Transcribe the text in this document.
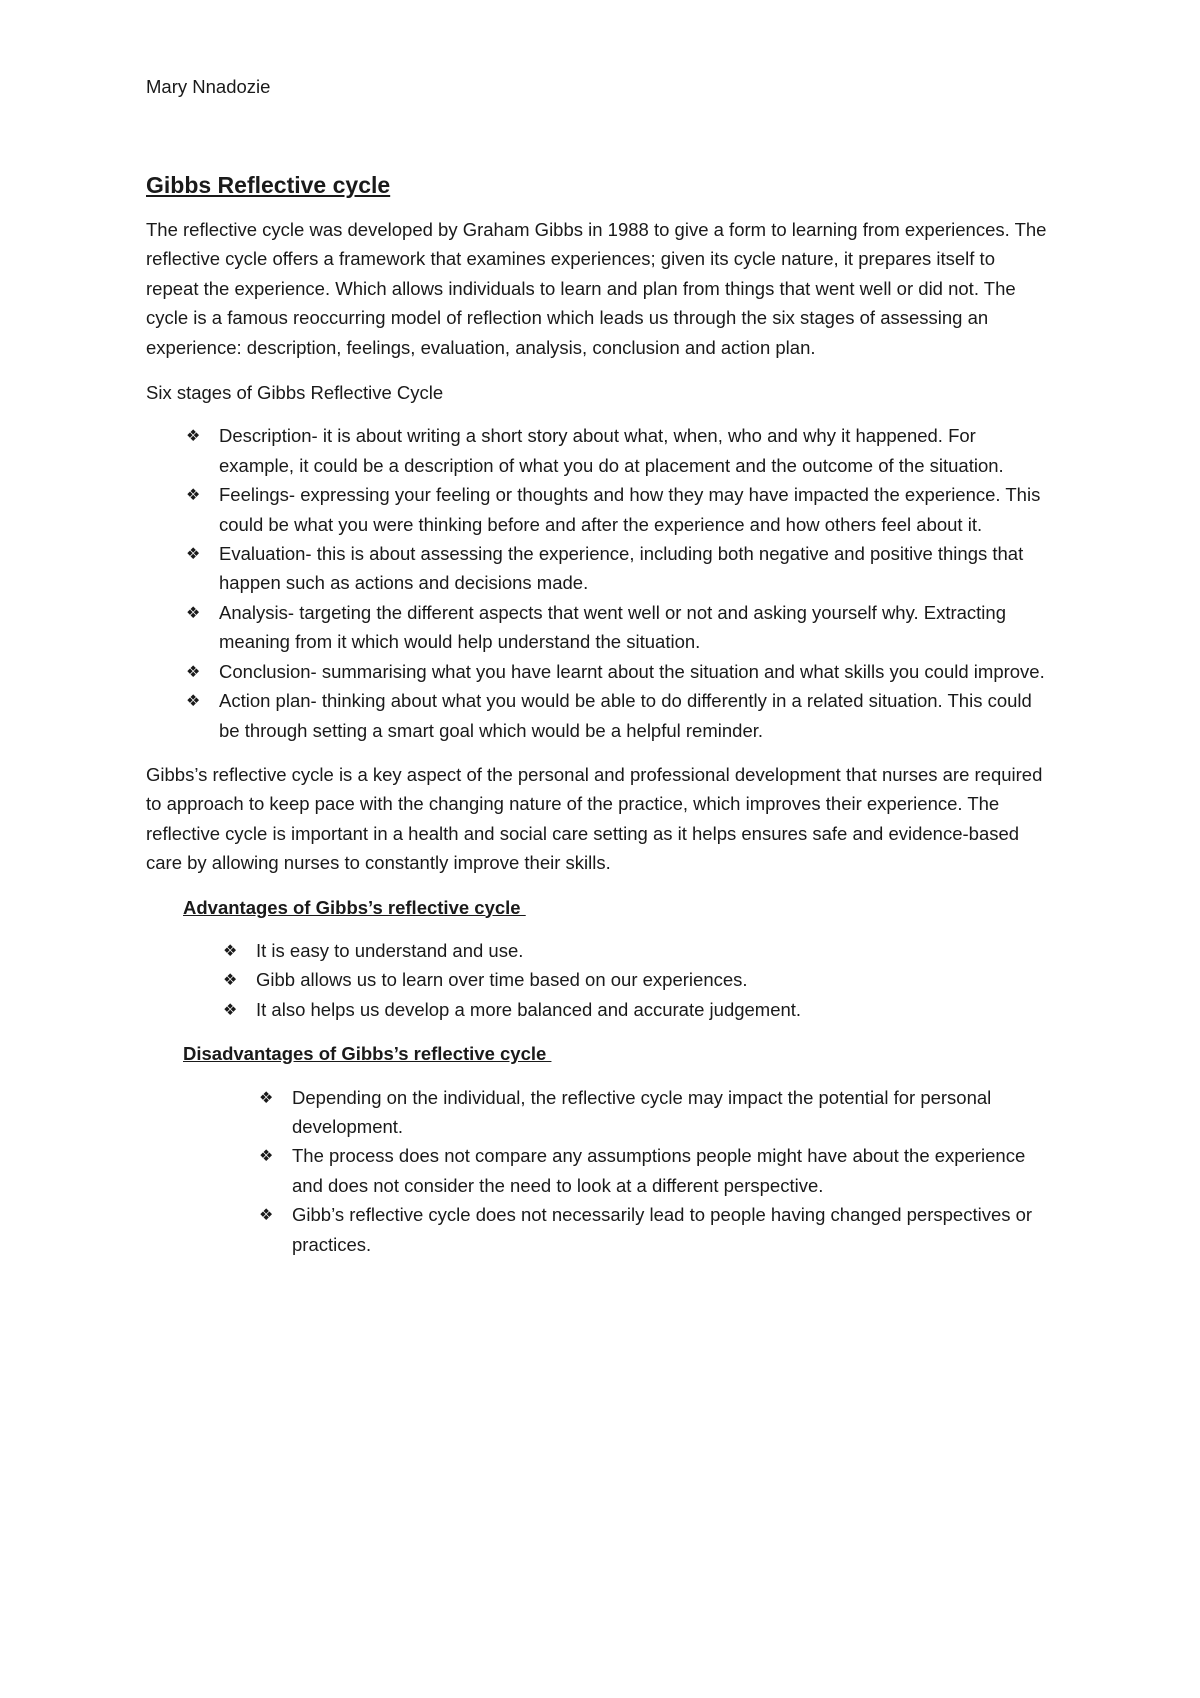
Mary Nnadozie

Gibbs Reflective cycle

The reflective cycle was developed by Graham Gibbs in 1988 to give a form to learning from experiences. The reflective cycle offers a framework that examines experiences; given its cycle nature, it prepares itself to repeat the experience. Which allows individuals to learn and plan from things that went well or did not. The cycle is a famous reoccurring model of reflection which leads us through the six stages of assessing an experience: description, feelings, evaluation, analysis, conclusion and action plan.

Six stages of Gibbs Reflective Cycle

❖ Description- it is about writing a short story about what, when, who and why it happened. For example, it could be a description of what you do at placement and the outcome of the situation.
❖ Feelings- expressing your feeling or thoughts and how they may have impacted the experience. This could be what you were thinking before and after the experience and how others feel about it.
❖ Evaluation- this is about assessing the experience, including both negative and positive things that happen such as actions and decisions made.
❖ Analysis- targeting the different aspects that went well or not and asking yourself why. Extracting meaning from it which would help understand the situation.
❖ Conclusion- summarising what you have learnt about the situation and what skills you could improve.
❖ Action plan- thinking about what you would be able to do differently in a related situation. This could be through setting a smart goal which would be a helpful reminder.

Gibbs’s reflective cycle is a key aspect of the personal and professional development that nurses are required to approach to keep pace with the changing nature of the practice, which improves their experience. The reflective cycle is important in a health and social care setting as it helps ensures safe and evidence-based care by allowing nurses to constantly improve their skills.

Advantages of Gibbs’s reflective cycle

❖ It is easy to understand and use.
❖ Gibb allows us to learn over time based on our experiences.
❖ It also helps us develop a more balanced and accurate judgement.

Disadvantages of Gibbs’s reflective cycle

❖ Depending on the individual, the reflective cycle may impact the potential for personal development.
❖ The process does not compare any assumptions people might have about the experience and does not consider the need to look at a different perspective.
❖ Gibb’s reflective cycle does not necessarily lead to people having changed perspectives or practices.
